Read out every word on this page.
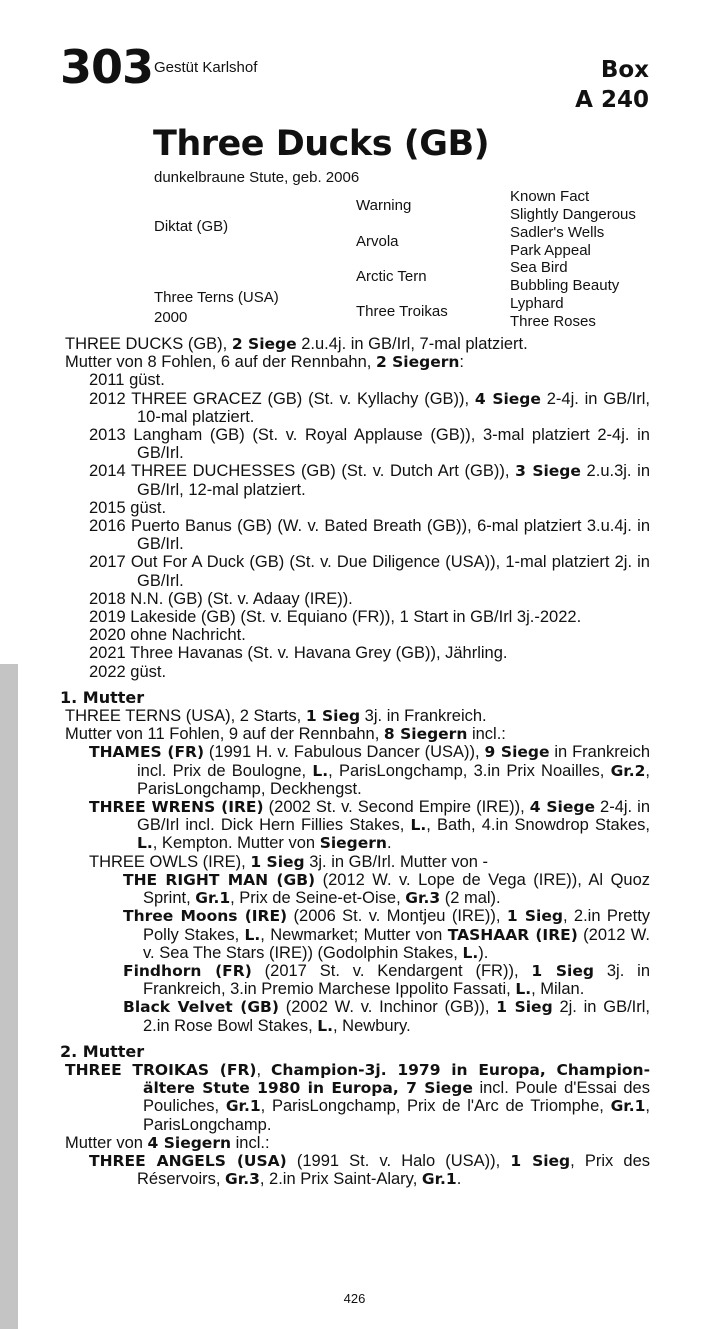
303 Gestüt Karlshof	Box
A 240
Three Ducks (GB)
dunkelbraune Stute, geb. 2006
Diktat (GB)
Three Terns (USA)
2000
Warning
Arvola
Arctic Tern
Three Troikas
Known Fact
Slightly Dangerous
Sadler's Wells
Park Appeal
Sea Bird
Bubbling Beauty
Lyphard
Three Roses

THREE DUCKS (GB), 2 Siege 2.u.4j. in GB/Irl, 7-mal platziert.

Mutter von 8 Fohlen, 6 auf der Rennbahn, 2 Siegern:

2011 güst.

2012 THREE GRACEZ (GB) (St. v. Kyllachy (GB)), 4 Siege 2-4j. in GB/Irl, 10-mal platziert.

2013 Langham (GB) (St. v. Royal Applause (GB)), 3-mal platziert 2-4j. in GB/Irl.

2014 THREE DUCHESSES (GB) (St. v. Dutch Art (GB)), 3 Siege 2.u.3j. in GB/Irl, 12-mal platziert.

2015 güst.

2016 Puerto Banus (GB) (W. v. Bated Breath (GB)), 6-mal platziert 3.u.4j. in GB/Irl.

2017 Out For A Duck (GB) (St. v. Due Diligence (USA)), 1-mal platziert 2j. in GB/Irl.

2018 N.N. (GB) (St. v. Adaay (IRE)).

2019 Lakeside (GB) (St. v. Equiano (FR)), 1 Start in GB/Irl 3j.-2022.

2020 ohne Nachricht.

2021 Three Havanas (St. v. Havana Grey (GB)), Jährling.

2022 güst.

1. Mutter

THREE TERNS (USA), 2 Starts, 1 Sieg 3j. in Frankreich.

Mutter von 11 Fohlen, 9 auf der Rennbahn, 8 Siegern incl.:

THAMES (FR) (1991 H. v. Fabulous Dancer (USA)), 9 Siege in Frankreich incl. Prix de Boulogne, L., ParisLongchamp, 3.in Prix Noailles, Gr.2, ParisLongchamp, Deckhengst.

THREE WRENS (IRE) (2002 St. v. Second Empire (IRE)), 4 Siege 2-4j. in GB/Irl incl. Dick Hern Fillies Stakes, L., Bath, 4.in Snowdrop Stakes, L., Kempton. Mutter von Siegern.

THREE OWLS (IRE), 1 Sieg 3j. in GB/Irl. Mutter von -

THE RIGHT MAN (GB) (2012 W. v. Lope de Vega (IRE)), Al Quoz Sprint, Gr.1, Prix de Seine-et-Oise, Gr.3 (2 mal).

Three Moons (IRE) (2006 St. v. Montjeu (IRE)), 1 Sieg, 2.in Pretty Polly Stakes, L., Newmarket; Mutter von TASHAAR (IRE) (2012 W. v. Sea The Stars (IRE)) (Godolphin Stakes, L.).

Findhorn (FR) (2017 St. v. Kendargent (FR)), 1 Sieg 3j. in Frankreich, 3.in Premio Marchese Ippolito Fassati, L., Milan.

Black Velvet (GB) (2002 W. v. Inchinor (GB)), 1 Sieg 2j. in GB/Irl, 2.in Rose Bowl Stakes, L., Newbury.

2. Mutter

THREE TROIKAS (FR), Champion-3j. 1979 in Europa, Champion-ältere Stute 1980 in Europa, 7 Siege incl. Poule d'Essai des Pouliches, Gr.1, ParisLongchamp, Prix de l'Arc de Triomphe, Gr.1, ParisLongchamp.

Mutter von 4 Siegern incl.:

THREE ANGELS (USA) (1991 St. v. Halo (USA)), 1 Sieg, Prix des Réservoirs, Gr.3, 2.in Prix Saint-Alary, Gr.1.

426
